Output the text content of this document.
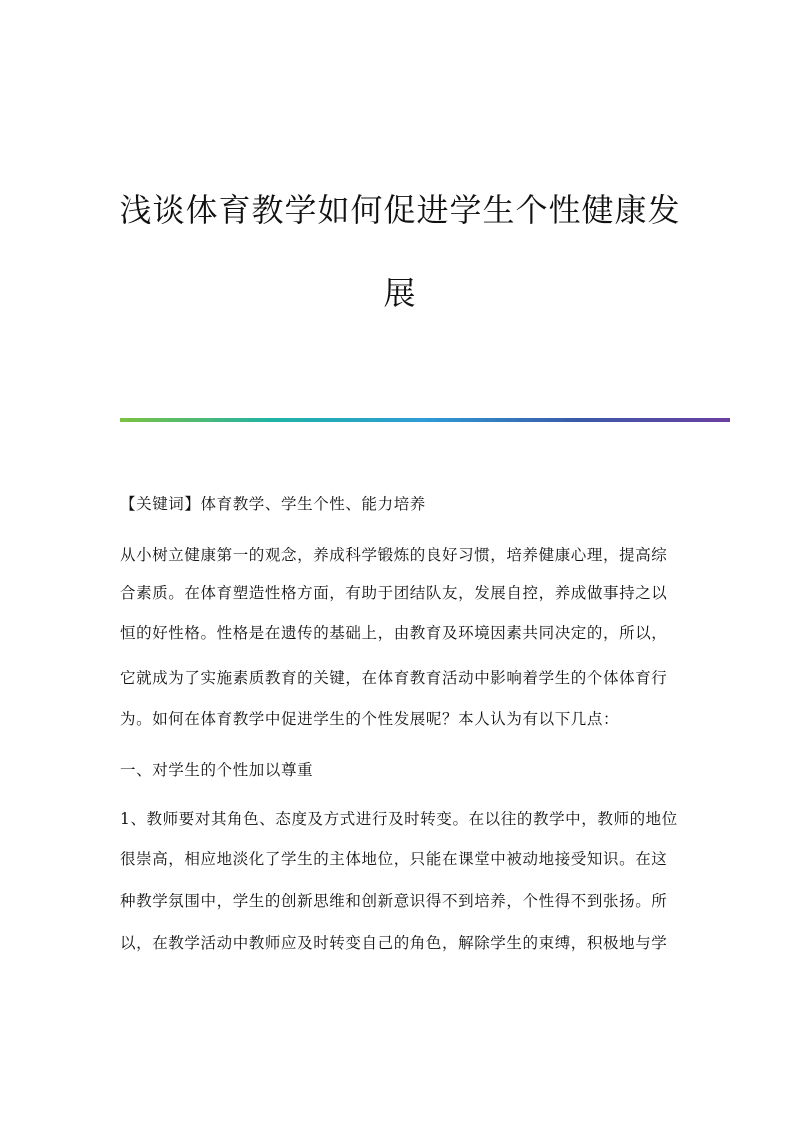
浅谈体育教学如何促进学生个性健康发
展

【关键词】体育教学、学生个性、能力培养

从小树立健康第一的观念，养成科学锻炼的良好习惯，培养健康心理，提高综

合素质。在体育塑造性格方面，有助于团结队友，发展自控，养成做事持之以

恒的好性格。性格是在遗传的基础上，由教育及环境因素共同决定的，所以，

它就成为了实施素质教育的关键，在体育教育活动中影响着学生的个体体育行

为。如何在体育教学中促进学生的个性发展呢？本人认为有以下几点：

一、对学生的个性加以尊重

1、教师要对其角色、态度及方式进行及时转变。在以往的教学中，教师的地位

很崇高，相应地淡化了学生的主体地位，只能在课堂中被动地接受知识。在这

种教学氛围中，学生的创新思维和创新意识得不到培养，个性得不到张扬。所

以，在教学活动中教师应及时转变自己的角色，解除学生的束缚，积极地与学
